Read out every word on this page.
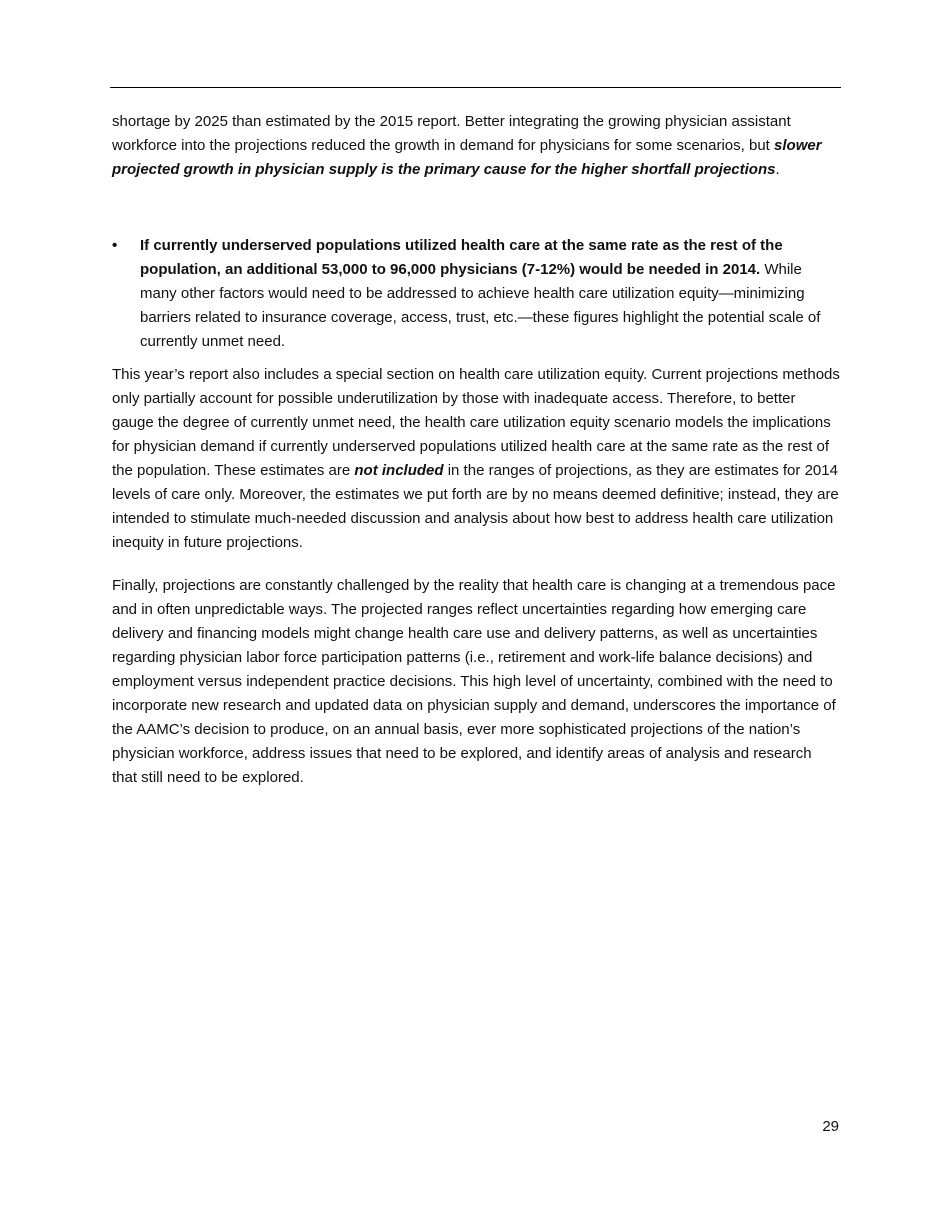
shortage by 2025 than estimated by the 2015 report. Better integrating the growing physician assistant workforce into the projections reduced the growth in demand for physicians for some scenarios, but slower projected growth in physician supply is the primary cause for the higher shortfall projections.

•	If currently underserved populations utilized health care at the same rate as the rest of the population, an additional 53,000 to 96,000 physicians (7-12%) would be needed in 2014. While many other factors would need to be addressed to achieve health care utilization equity—minimizing barriers related to insurance coverage, access, trust, etc.—these figures highlight the potential scale of currently unmet need.

This year’s report also includes a special section on health care utilization equity. Current projections methods only partially account for possible underutilization by those with inadequate access. Therefore, to better gauge the degree of currently unmet need, the health care utilization equity scenario models the implications for physician demand if currently underserved populations utilized health care at the same rate as the rest of the population. These estimates are not included in the ranges of projections, as they are estimates for 2014 levels of care only. Moreover, the estimates we put forth are by no means deemed definitive; instead, they are intended to stimulate much-needed discussion and analysis about how best to address health care utilization inequity in future projections.

Finally, projections are constantly challenged by the reality that health care is changing at a tremendous pace and in often unpredictable ways. The projected ranges reflect uncertainties regarding how emerging care delivery and financing models might change health care use and delivery patterns, as well as uncertainties regarding physician labor force participation patterns (i.e., retirement and work-life balance decisions) and employment versus independent practice decisions. This high level of uncertainty, combined with the need to incorporate new research and updated data on physician supply and demand, underscores the importance of the AAMC’s decision to produce, on an annual basis, ever more sophisticated projections of the nation’s physician workforce, address issues that need to be explored, and identify areas of analysis and research that still need to be explored.

29
